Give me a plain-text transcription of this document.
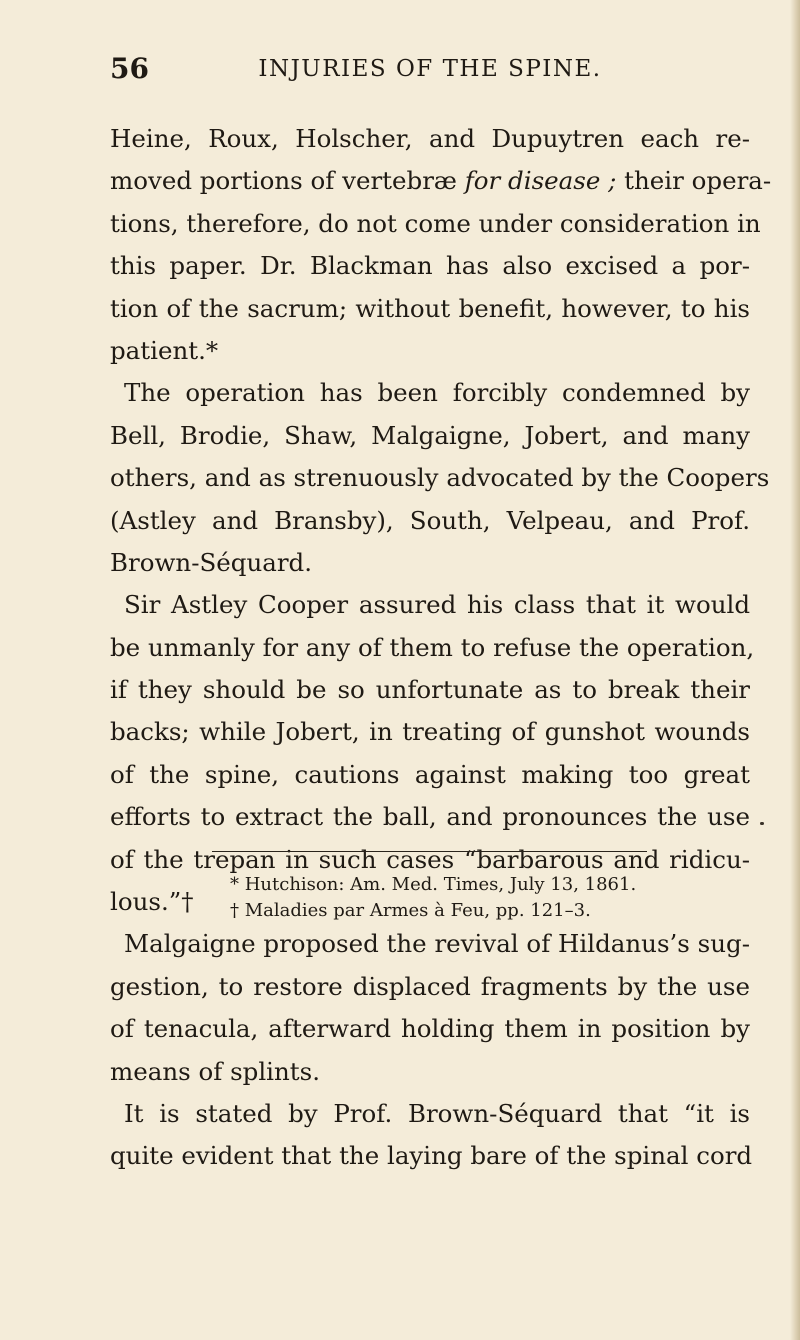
56	INJURIES OF THE SPINE.
Heine, Roux, Holscher, and Dupuytren each re-
moved portions of vertebræ for disease ; their opera-
tions, therefore, do not come under consideration in
this paper. Dr. Blackman has also excised a por-
tion of the sacrum; without benefit, however, to his
patient.*
The operation has been forcibly condemned by
Bell, Brodie, Shaw, Malgaigne, Jobert, and many
others, and as strenuously advocated by the Coopers
(Astley and Bransby), South, Velpeau, and Prof.
Brown-Séquard.
Sir Astley Cooper assured his class that it would
be unmanly for any of them to refuse the operation,
if they should be so unfortunate as to break their
backs; while Jobert, in treating of gunshot wounds
of the spine, cautions against making too great
efforts to extract the ball, and pronounces the use
of the trepan in such cases “barbarous and ridicu-
lous.”†
Malgaigne proposed the revival of Hildanus’s sug-
gestion, to restore displaced fragments by the use
of tenacula, afterward holding them in position by
means of splints.
It is stated by Prof. Brown-Séquard that “it is
quite evident that the laying bare of the spinal cord
* Hutchison: Am. Med. Times, July 13, 1861.
† Maladies par Armes à Feu, pp. 121–3.
